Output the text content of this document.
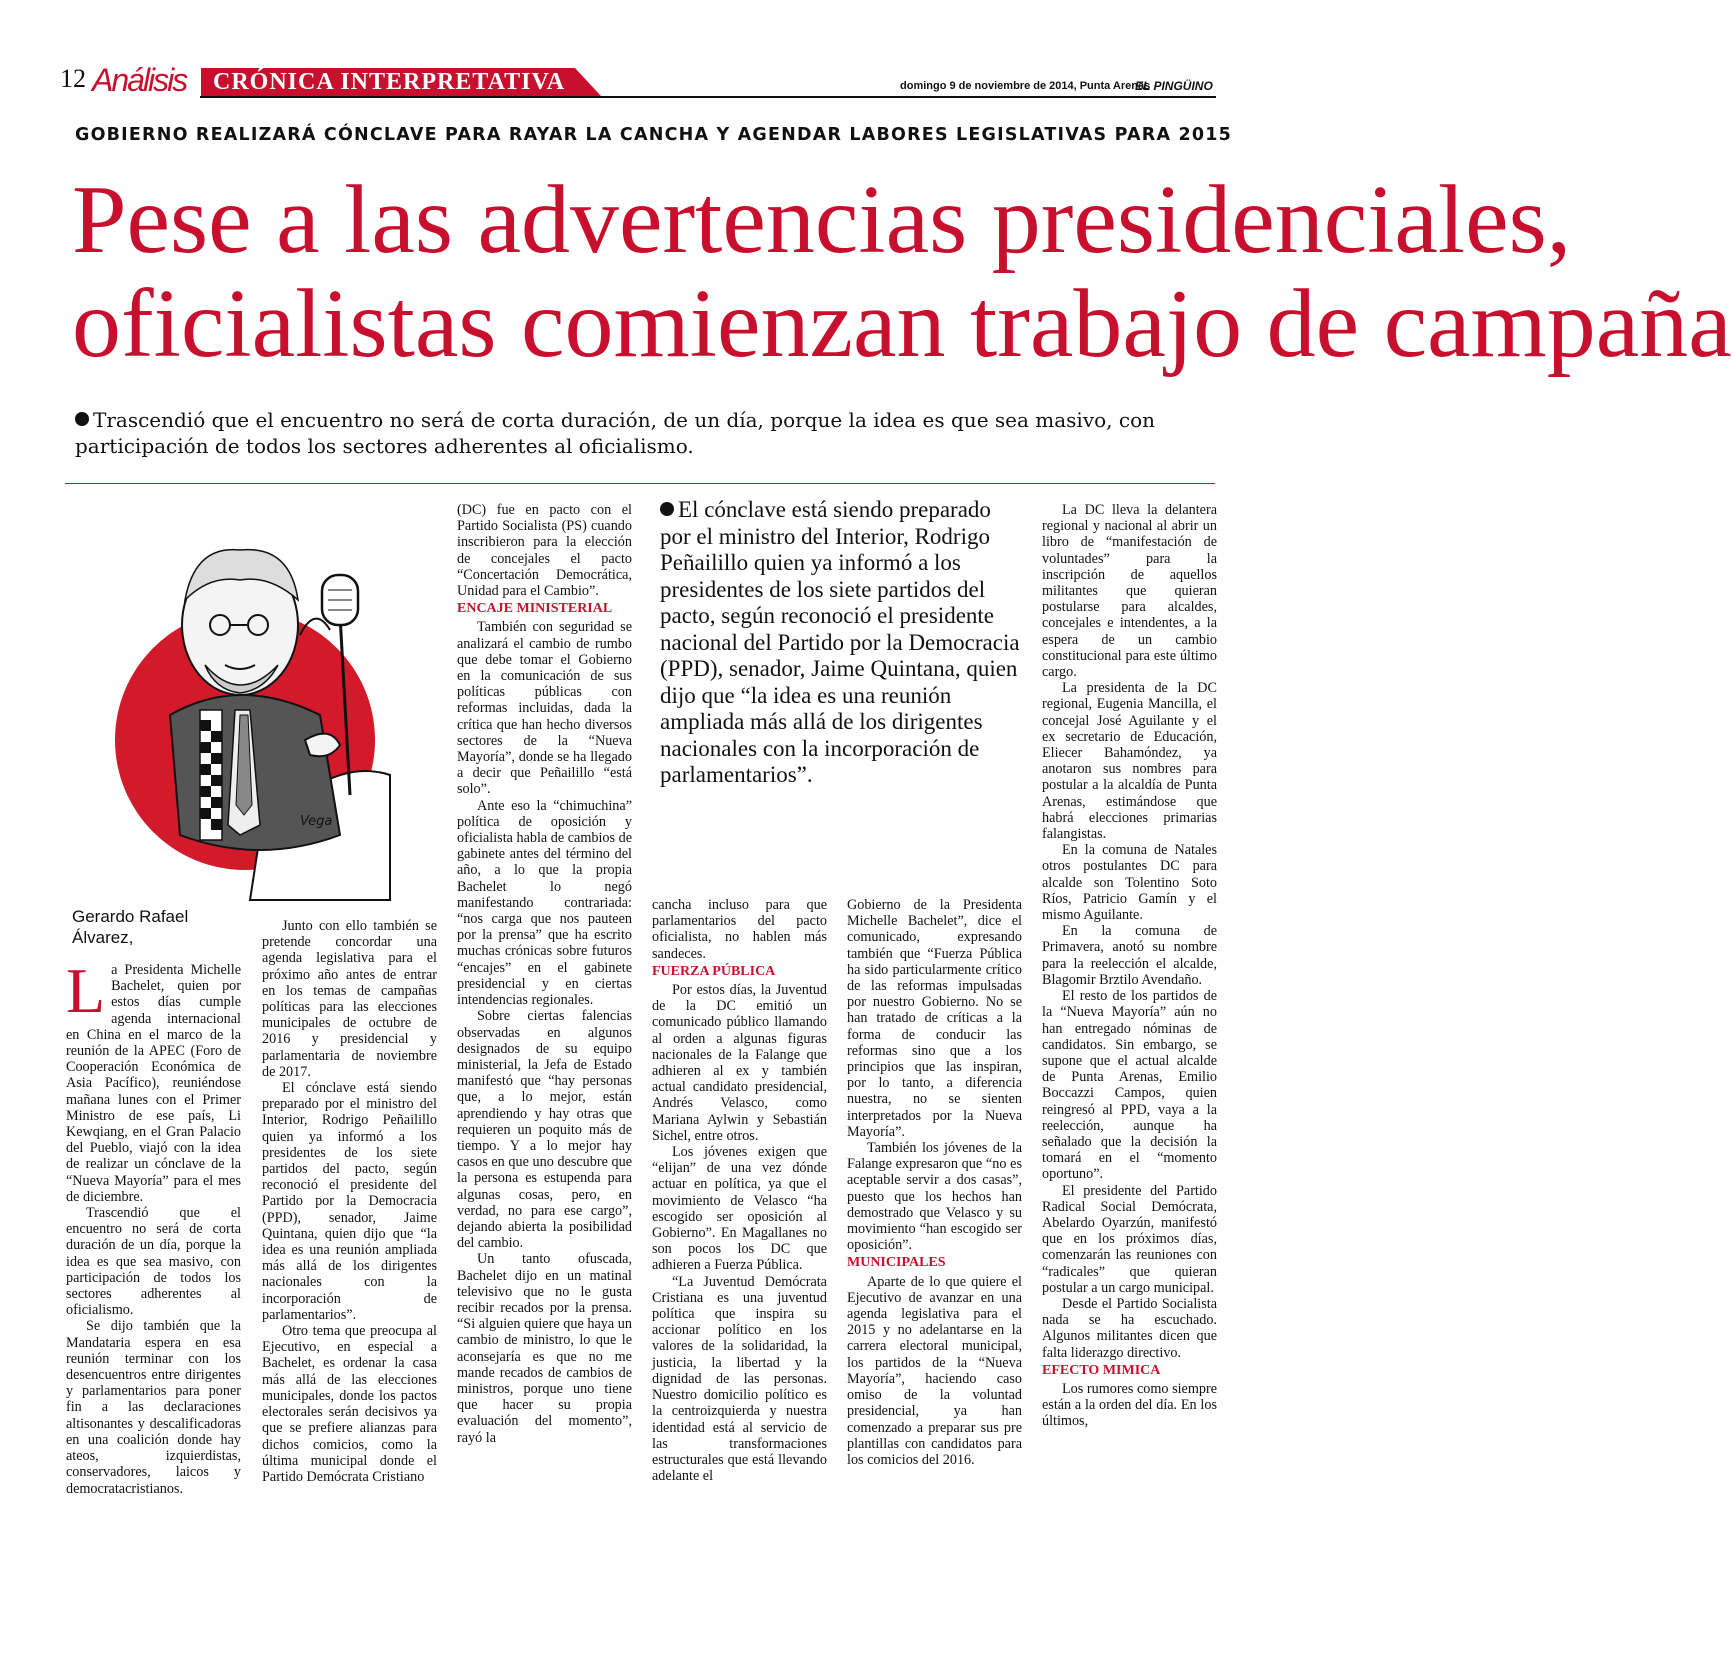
12 Análisis CRÓNICA INTERPRETATIVA	domingo 9 de noviembre de 2014, Punta Arenas
EL PINGÜINO
GOBIERNO REALIZARÁ CÓNCLAVE PARA RAYAR LA CANCHA Y AGENDAR LABORES LEGISLATIVAS PARA 2015
Pese a las advertencias presidenciales,
oficialistas comienzan trabajo de campaña
Trascendió que el encuentro no será de corta duración, de un día, porque la idea es que sea masivo, con participación de todos los sectores adherentes al oficialismo.
Vega
Gerardo Rafael
Álvarez,

La Presidenta Michelle Bachelet, quien por estos días cumple agenda internacional en China en el marco de la reunión de la APEC (Foro de Cooperación Económica de Asia Pacífico), reuniéndose mañana lunes con el Primer Ministro de ese país, Li Kewqiang, en el Gran Palacio del Pueblo, viajó con la idea de realizar un cónclave de la “Nueva Mayoría” para el mes de diciembre.

Trascendió que el encuentro no será de corta duración de un día, porque la idea es que sea masivo, con participación de todos los sectores adherentes al oficialismo.

Se dijo también que la Mandataria espera en esa reunión terminar con los desencuentros entre dirigentes y parlamentarios para poner fin a las declaraciones altisonantes y descalificadoras en una coalición donde hay ateos, izquierdistas, conservadores, laicos y democratacristianos.

Junto con ello también se pretende concordar una agenda legislativa para el próximo año antes de entrar en los temas de campañas políticas para las elecciones municipales de octubre de 2016 y presidencial y parlamentaria de noviembre de 2017.

El cónclave está siendo preparado por el ministro del Interior, Rodrigo Peñailillo quien ya informó a los presidentes de los siete partidos del pacto, según reconoció el presidente del Partido por la Democracia (PPD), senador, Jaime Quintana, quien dijo que “la idea es una reunión ampliada más allá de los dirigentes nacionales con la incorporación de parlamentarios”.

Otro tema que preocupa al Ejecutivo, en especial a Bachelet, es ordenar la casa más allá de las elecciones municipales, donde los pactos electorales serán decisivos ya que se prefiere alianzas para dichos comicios, como la última municipal donde el Partido Demócrata Cristiano

(DC) fue en pacto con el Partido Socialista (PS) cuando inscribieron para la elección de concejales el pacto “Concertación Democrática, Unidad para el Cambio”.

ENCAJE MINISTERIAL

También con seguridad se analizará el cambio de rumbo que debe tomar el Gobierno en la comunicación de sus políticas públicas con reformas incluidas, dada la crítica que han hecho diversos sectores de la “Nueva Mayoría”, donde se ha llegado a decir que Peñailillo “está solo”.

Ante eso la “chimuchina” política de oposición y oficialista habla de cambios de gabinete antes del término del año, a lo que la propia Bachelet lo negó manifestando contrariada: “nos carga que nos pauteen por la prensa” que ha escrito muchas crónicas sobre futuros “encajes” en el gabinete presidencial y en ciertas intendencias regionales.

Sobre ciertas falencias observadas en algunos designados de su equipo ministerial, la Jefa de Estado manifestó que “hay personas que, a lo mejor, están aprendiendo y hay otras que requieren un poquito más de tiempo. Y a lo mejor hay casos en que uno descubre que la persona es estupenda para algunas cosas, pero, en verdad, no para ese cargo”, dejando abierta la posibilidad del cambio.

Un tanto ofuscada, Bachelet dijo en un matinal televisivo que no le gusta recibir recados por la prensa. “Si alguien quiere que haya un cambio de ministro, lo que le aconsejaría es que no me mande recados de cambios de ministros, porque uno tiene que hacer su propia evaluación del momento”, rayó la

El cónclave está siendo preparado por el ministro del Interior, Rodrigo Peñailillo quien ya informó a los presidentes de los siete partidos del pacto, según reconoció el presidente nacional del Partido por la Democracia (PPD), senador, Jaime Quintana, quien dijo que “la idea es una reunión ampliada más allá de los dirigentes nacionales con la incorporación de parlamentarios”.

cancha incluso para que parlamentarios del pacto oficialista, no hablen más sandeces.

FUERZA PÚBLICA

Por estos días, la Juventud de la DC emitió un comunicado público llamando al orden a algunas figuras nacionales de la Falange que adhieren al ex y también actual candidato presidencial, Andrés Velasco, como Mariana Aylwin y Sebastián Sichel, entre otros.

Los jóvenes exigen que “elijan” de una vez dónde actuar en política, ya que el movimiento de Velasco “ha escogido ser oposición al Gobierno”. En Magallanes no son pocos los DC que adhieren a Fuerza Pública.

“La Juventud Demócrata Cristiana es una juventud política que inspira su accionar político en los valores de la solidaridad, la justicia, la libertad y la dignidad de las personas. Nuestro domicilio político es la centroizquierda y nuestra identidad está al servicio de las transformaciones estructurales que está llevando adelante el

Gobierno de la Presidenta Michelle Bachelet”, dice el comunicado, expresando también que “Fuerza Pública ha sido particularmente crítico de las reformas impulsadas por nuestro Gobierno. No se han tratado de críticas a la forma de conducir las reformas sino que a los principios que las inspiran, por lo tanto, a diferencia nuestra, no se sienten interpretados por la Nueva Mayoría”.

También los jóvenes de la Falange expresaron que “no es aceptable servir a dos casas”, puesto que los hechos han demostrado que Velasco y su movimiento “han escogido ser oposición”.

MUNICIPALES

Aparte de lo que quiere el Ejecutivo de avanzar en una agenda legislativa para el 2015 y no adelantarse en la carrera electoral municipal, los partidos de la “Nueva Mayoría”, haciendo caso omiso de la voluntad presidencial, ya han comenzado a preparar sus pre plantillas con candidatos para los comicios del 2016.

La DC lleva la delantera regional y nacional al abrir un libro de “manifestación de voluntades” para la inscripción de aquellos militantes que quieran postularse para alcaldes, concejales e intendentes, a la espera de un cambio constitucional para este último cargo.

La presidenta de la DC regional, Eugenia Mancilla, el concejal José Aguilante y el ex secretario de Educación, Eliecer Bahamóndez, ya anotaron sus nombres para postular a la alcaldía de Punta Arenas, estimándose que habrá elecciones primarias falangistas.

En la comuna de Natales otros postulantes DC para alcalde son Tolentino Soto Ríos, Patricio Gamín y el mismo Aguilante.

En la comuna de Primavera, anotó su nombre para la reelección el alcalde, Blagomir Brztilo Avendaño.

El resto de los partidos de la “Nueva Mayoría” aún no han entregado nóminas de candidatos. Sin embargo, se supone que el actual alcalde de Punta Arenas, Emilio Boccazzi Campos, quien reingresó al PPD, vaya a la reelección, aunque ha señalado que la decisión la tomará en el “momento oportuno”.

El presidente del Partido Radical Social Demócrata, Abelardo Oyarzún, manifestó que en los próximos días, comenzarán las reuniones con “radicales” que quieran postular a un cargo municipal.

Desde el Partido Socialista nada se ha escuchado. Algunos militantes dicen que falta liderazgo directivo.

EFECTO MIMICA

Los rumores como siempre están a la orden del día. En los últimos,
